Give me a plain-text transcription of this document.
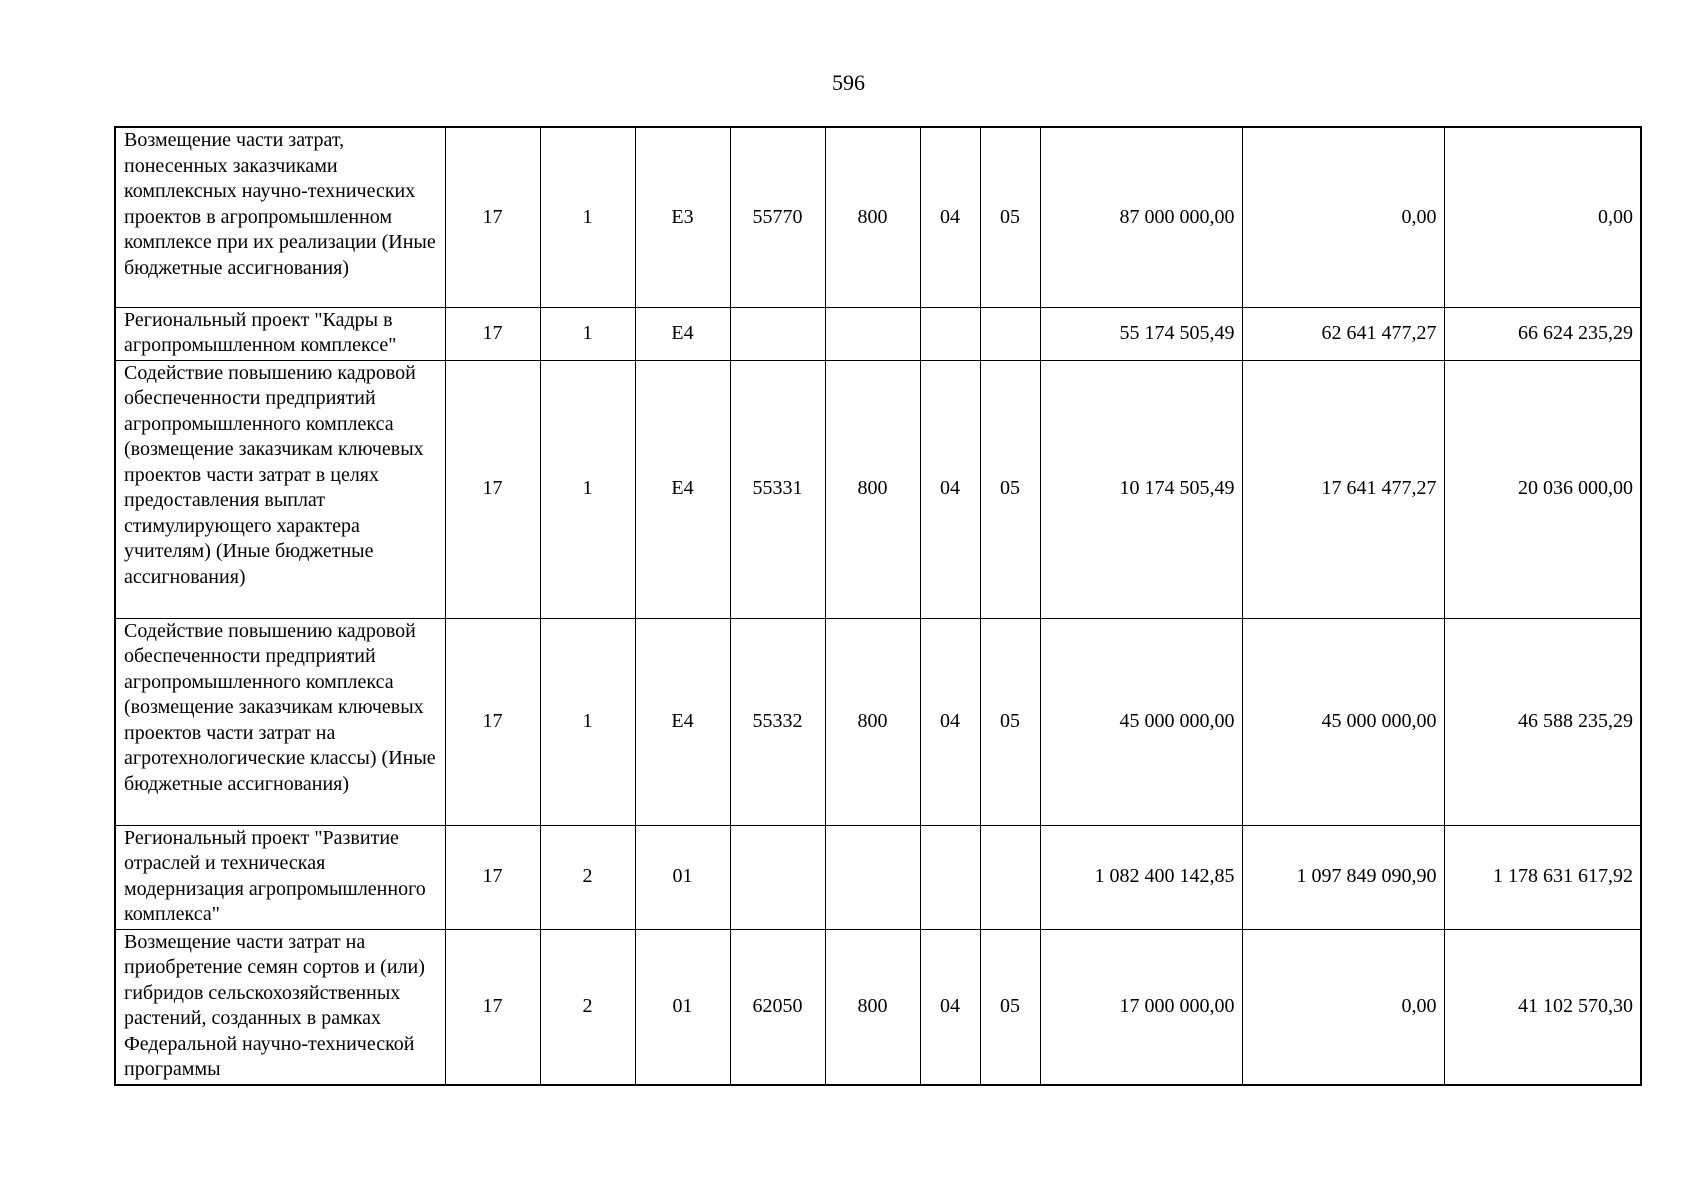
596
Возмещение части затрат, понесенных заказчиками комплексных научно-технических проектов в агропромышленном комплексе при их реализации (Иные бюджетные ассигнования)	17	1	Е3	55770	800	04	05	87 000 000,00	0,00	0,00
Региональный проект "Кадры в агропромышленном комплексе"	17	1	Е4					55 174 505,49	62 641 477,27	66 624 235,29
Содействие повышению кадровой обеспеченности предприятий агропромышленного комплекса (возмещение заказчикам ключевых проектов части затрат в целях предоставления выплат стимулирующего характера учителям) (Иные бюджетные ассигнования)	17	1	Е4	55331	800	04	05	10 174 505,49	17 641 477,27	20 036 000,00
Содействие повышению кадровой обеспеченности предприятий агропромышленного комплекса (возмещение заказчикам ключевых проектов части затрат на агротехнологические классы) (Иные бюджетные ассигнования)	17	1	Е4	55332	800	04	05	45 000 000,00	45 000 000,00	46 588 235,29
Региональный проект "Развитие отраслей и техническая модернизация агропромышленного комплекса"	17	2	01					1 082 400 142,85	1 097 849 090,90	1 178 631 617,92
Возмещение части затрат на приобретение семян сортов и (или) гибридов сельскохозяйственных растений, созданных в рамках Федеральной научно-технической программы	17	2	01	62050	800	04	05	17 000 000,00	0,00	41 102 570,30
